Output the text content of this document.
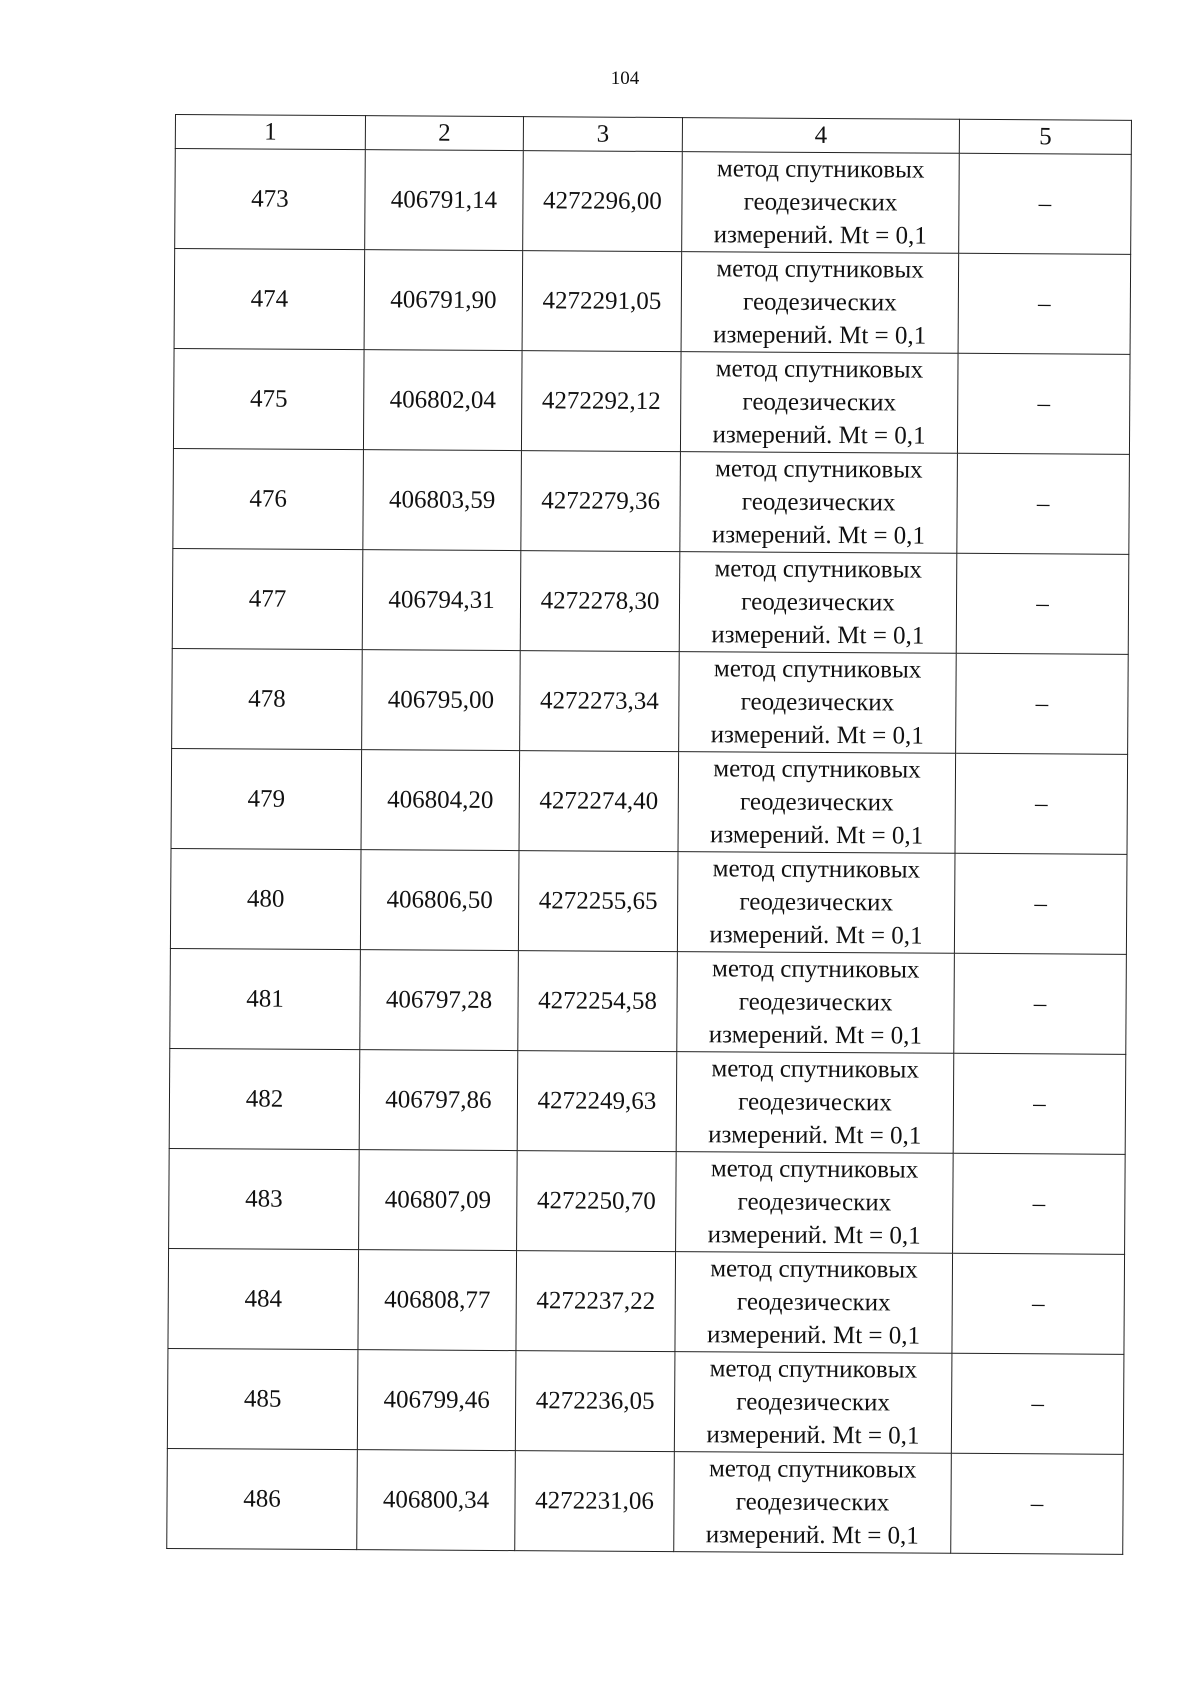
104
1	2	3	4	5
473	406791,14	4272296,00	метод спутниковых
геодезических
измерений. Mt = 0,1	–
474	406791,90	4272291,05	метод спутниковых
геодезических
измерений. Mt = 0,1	–
475	406802,04	4272292,12	метод спутниковых
геодезических
измерений. Mt = 0,1	–
476	406803,59	4272279,36	метод спутниковых
геодезических
измерений. Mt = 0,1	–
477	406794,31	4272278,30	метод спутниковых
геодезических
измерений. Mt = 0,1	–
478	406795,00	4272273,34	метод спутниковых
геодезических
измерений. Mt = 0,1	–
479	406804,20	4272274,40	метод спутниковых
геодезических
измерений. Mt = 0,1	–
480	406806,50	4272255,65	метод спутниковых
геодезических
измерений. Mt = 0,1	–
481	406797,28	4272254,58	метод спутниковых
геодезических
измерений. Mt = 0,1	–
482	406797,86	4272249,63	метод спутниковых
геодезических
измерений. Mt = 0,1	–
483	406807,09	4272250,70	метод спутниковых
геодезических
измерений. Mt = 0,1	–
484	406808,77	4272237,22	метод спутниковых
геодезических
измерений. Mt = 0,1	–
485	406799,46	4272236,05	метод спутниковых
геодезических
измерений. Mt = 0,1	–
486	406800,34	4272231,06	метод спутниковых
геодезических
измерений. Mt = 0,1	–
